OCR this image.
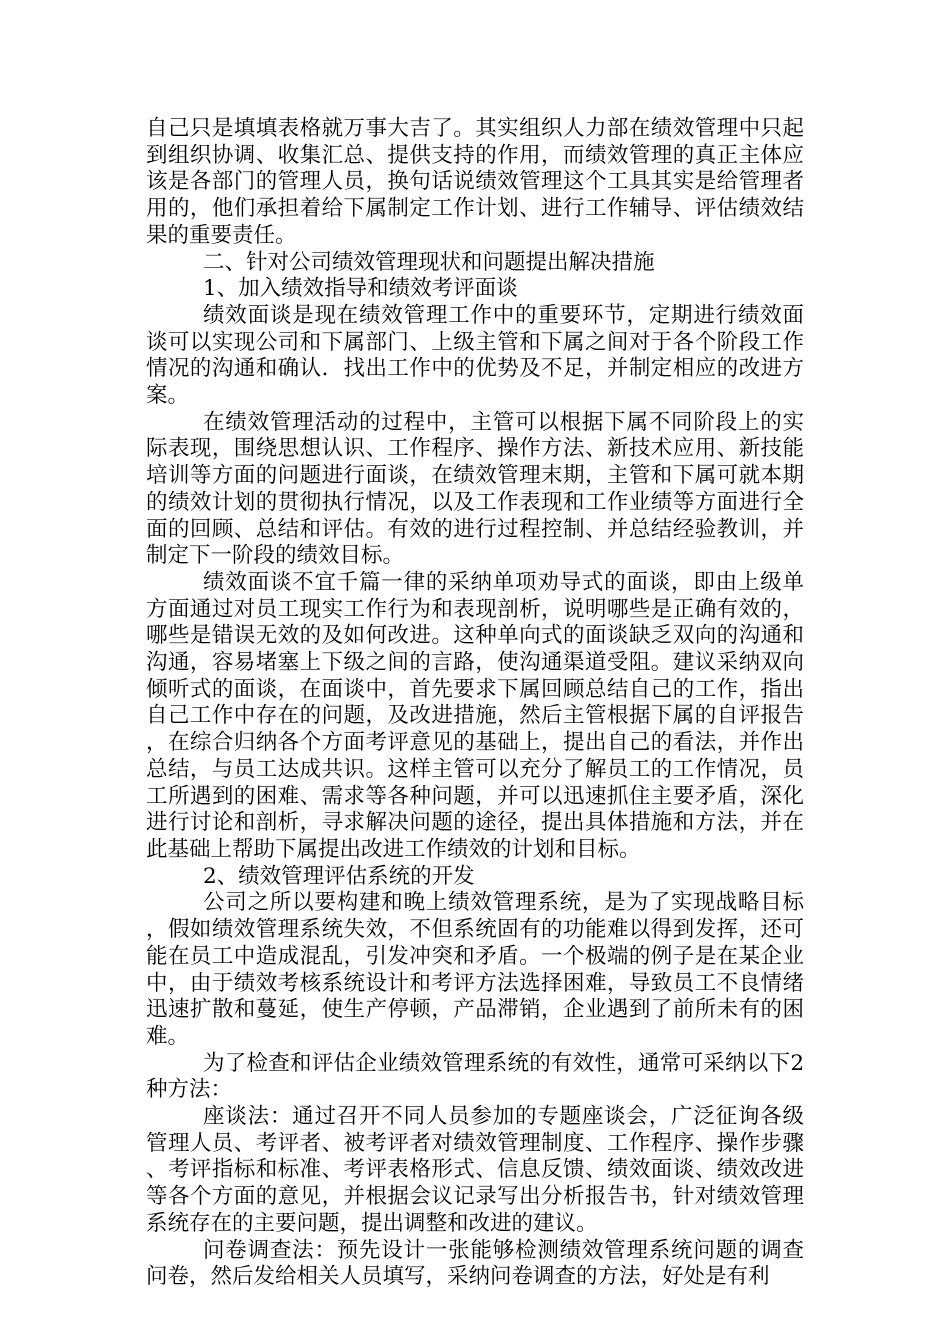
自己只是填填表格就万事大吉了。其实组织人力部在绩效管理中只起到组织协调、收集汇总、提供支持的作用，而绩效管理的真正主体应该是各部门的管理人员，换句话说绩效管理这个工具其实是给管理者用的，他们承担着给下属制定工作计划、进行工作辅导、评估绩效结果的重要责任。

二、针对公司绩效管理现状和问题提出解决措施

1、加入绩效指导和绩效考评面谈

绩效面谈是现在绩效管理工作中的重要环节，定期进行绩效面谈可以实现公司和下属部门、上级主管和下属之间对于各个阶段工作情况的沟通和确认．找出工作中的优势及不足，并制定相应的改进方案。

在绩效管理活动的过程中，主管可以根据下属不同阶段上的实际表现，围绕思想认识、工作程序、操作方法、新技术应用、新技能培训等方面的问题进行面谈，在绩效管理末期，主管和下属可就本期的绩效计划的贯彻执行情况，以及工作表现和工作业绩等方面进行全面的回顾、总结和评估。有效的进行过程控制、并总结经验教训，并制定下一阶段的绩效目标。

绩效面谈不宜千篇一律的采纳单项劝导式的面谈，即由上级单方面通过对员工现实工作行为和表现剖析，说明哪些是正确有效的，哪些是错误无效的及如何改进。这种单向式的面谈缺乏双向的沟通和沟通，容易堵塞上下级之间的言路，使沟通渠道受阻。建议采纳双向倾听式的面谈，在面谈中，首先要求下属回顾总结自己的工作，指出自己工作中存在的问题，及改进措施，然后主管根据下属的自评报告，在综合归纳各个方面考评意见的基础上，提出自己的看法，并作出总结，与员工达成共识。这样主管可以充分了解员工的工作情况，员工所遇到的困难、需求等各种问题，并可以迅速抓住主要矛盾，深化进行讨论和剖析，寻求解决问题的途径，提出具体措施和方法，并在此基础上帮助下属提出改进工作绩效的计划和目标。

2、绩效管理评估系统的开发

公司之所以要构建和晚上绩效管理系统，是为了实现战略目标，假如绩效管理系统失效，不但系统固有的功能难以得到发挥，还可能在员工中造成混乱，引发冲突和矛盾。一个极端的例子是在某企业中，由于绩效考核系统设计和考评方法选择困难，导致员工不良情绪迅速扩散和蔓延，使生产停顿，产品滞销，企业遇到了前所未有的困难。

为了检查和评估企业绩效管理系统的有效性，通常可采纳以下2种方法：

座谈法：通过召开不同人员参加的专题座谈会，广泛征询各级管理人员、考评者、被考评者对绩效管理制度、工作程序、操作步骤、考评指标和标准、考评表格形式、信息反馈、绩效面谈、绩效改进等各个方面的意见，并根据会议记录写出分析报告书，针对绩效管理系统存在的主要问题，提出调整和改进的建议。

问卷调查法：预先设计一张能够检测绩效管理系统问题的调查问卷，然后发给相关人员填写，采纳问卷调查的方法，好处是有利
